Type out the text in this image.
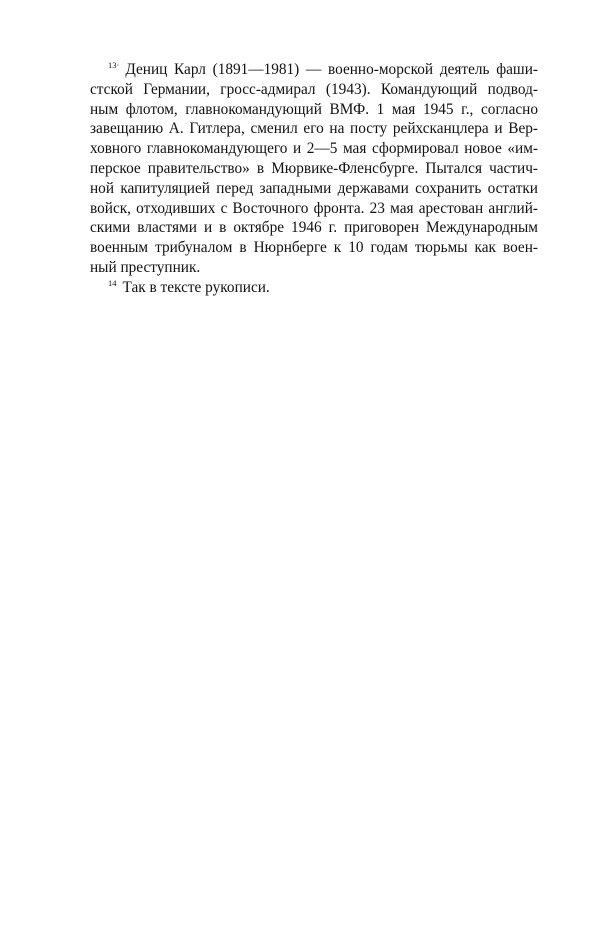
$^{13\cdot}$ Дениц Карл (1891—1981) — военно-морской деятель фаши-
стской Германии, гросс-адмирал (1943). Командующий подвод-
ным флотом, главнокомандующий ВМФ. 1 мая 1945 г., согласно
завещанию А. Гитлера, сменил его на посту рейхсканцлера и Вер-
ховного главнокомандующего и 2—5 мая сформировал новое «им-
перское правительство» в Мюрвике-Фленсбурге. Пытался частич-
ной капитуляцией перед западными державами сохранить остатки
войск, отходивших с Восточного фронта. 23 мая арестован англий-
скими властями и в октябре 1946 г. приговорен Международным
военным трибуналом в Нюрнберге к 10 годам тюрьмы как воен-
ный преступник.
$^{14}$ Так в тексте рукописи.
